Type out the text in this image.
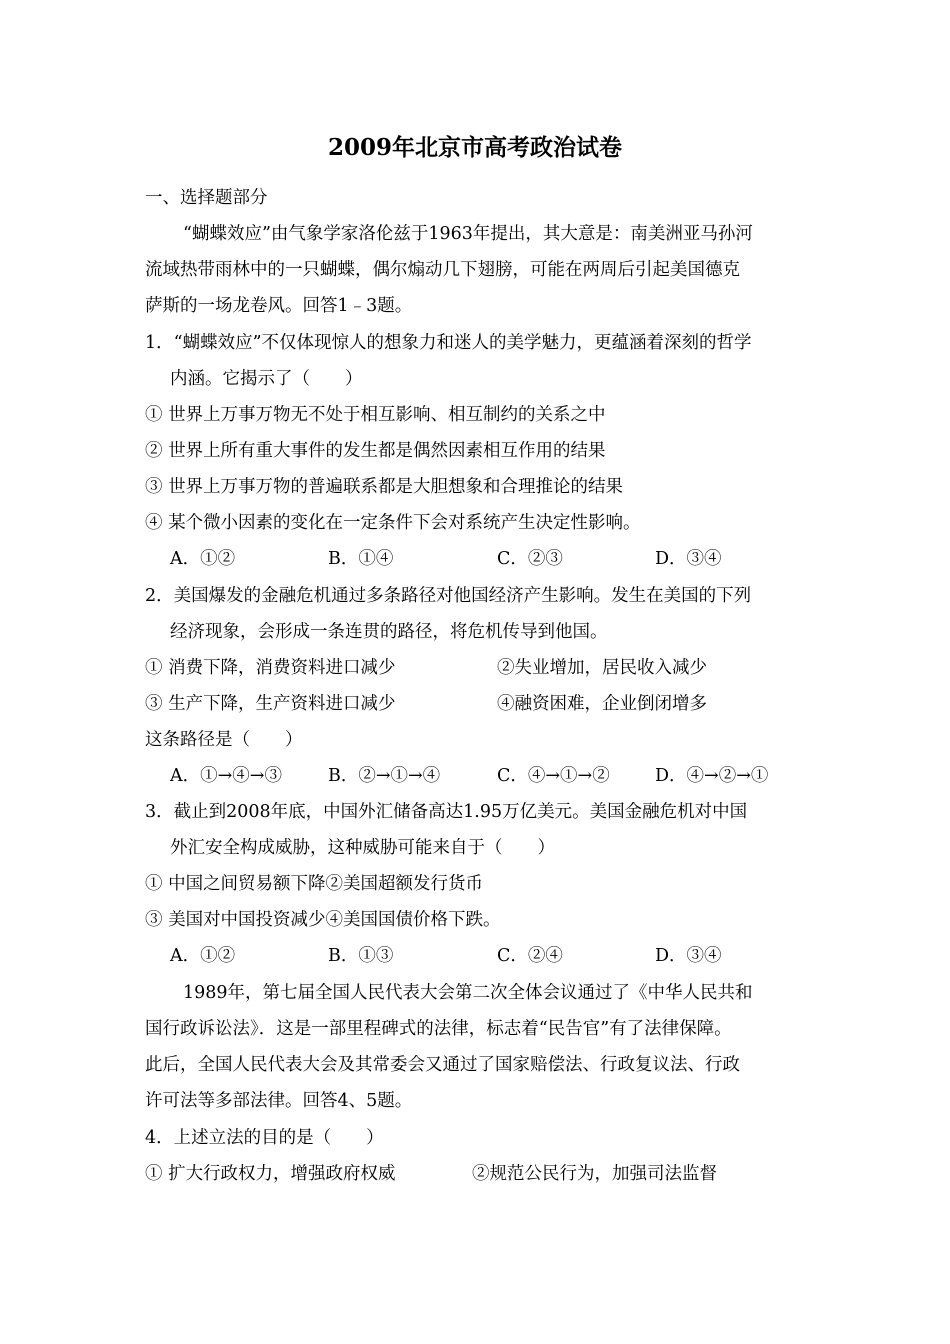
2009年北京市高考政治试卷
一、选择题部分
“蝴蝶效应”由气象学家洛伦兹于1963年提出，其大意是：南美洲亚马孙河
流域热带雨林中的一只蝴蝶，偶尔煽动几下翅膀，可能在两周后引起美国德克
萨斯的一场龙卷风。回答1﹣3题。
1．“蝴蝶效应”不仅体现惊人的想象力和迷人的美学魅力，更蕴涵着深刻的哲学
内涵。它揭示了（　　）
① 世界上万事万物无不处于相互影响、相互制约的关系之中
② 世界上所有重大事件的发生都是偶然因素相互作用的结果
③ 世界上万事万物的普遍联系都是大胆想象和合理推论的结果
④ 某个微小因素的变化在一定条件下会对系统产生决定性影响。
A．①②	B．①④	C．②③	D．③④
2．美国爆发的金融危机通过多条路径对他国经济产生影响。发生在美国的下列
经济现象，会形成一条连贯的路径，将危机传导到他国。
① 消费下降，消费资料进口减少	②失业增加，居民收入减少
③ 生产下降，生产资料进口减少	④融资困难，企业倒闭增多
这条路径是（　　）
A．①→④→③	B．②→①→④	C．④→①→②	D．④→②→①
3．截止到2008年底，中国外汇储备高达1.95万亿美元。美国金融危机对中国
外汇安全构成威胁，这种威胁可能来自于（　　）
① 中国之间贸易额下降②美国超额发行货币
③ 美国对中国投资减少④美国国债价格下跌。
A．①②	B．①③	C．②④	D．③④
1989年，第七届全国人民代表大会第二次全体会议通过了《中华人民共和
国行政诉讼法》．这是一部里程碑式的法律，标志着“民告官”有了法律保障。
此后，全国人民代表大会及其常委会又通过了国家赔偿法、行政复议法、行政
许可法等多部法律。回答4、5题。
4．上述立法的目的是（　　）
① 扩大行政权力，增强政府权威	②规范公民行为，加强司法监督
